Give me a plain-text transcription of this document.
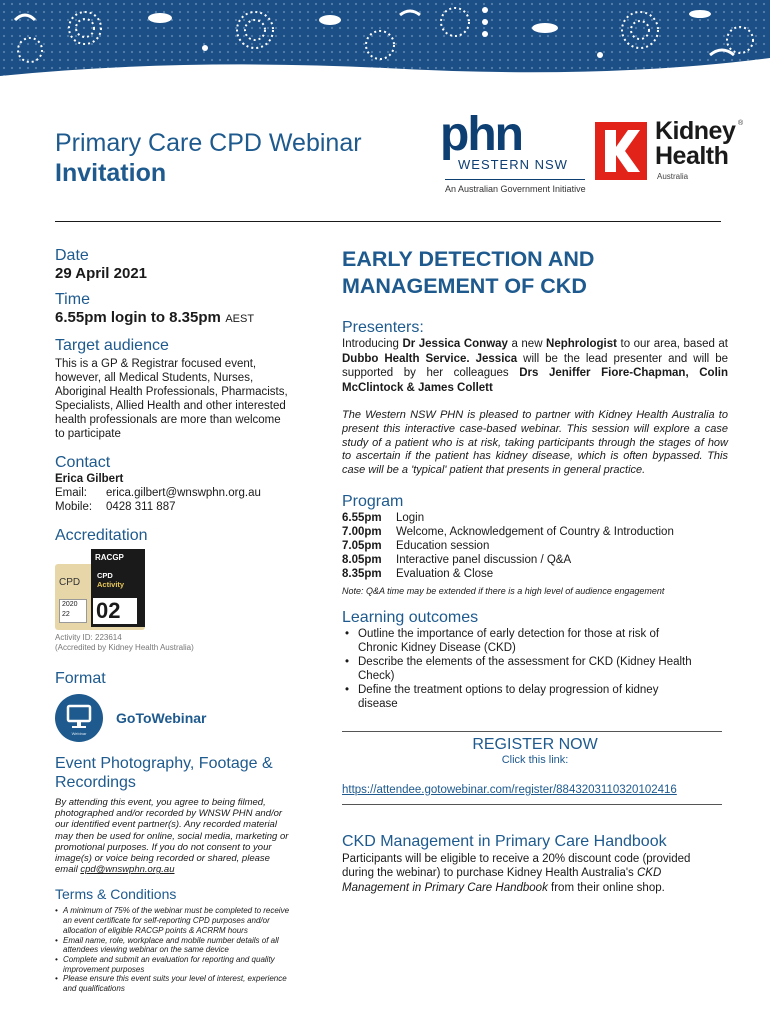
Primary Care CPD Webinar
Invitation
phn
WESTERN NSW
An Australian Government Initiative
Kidney
Health
Australia
®
Date
29 April 2021
Time
6.55pm login to 8.35pm AEST
Target audience
This is a GP & Registrar focused event, however, all Medical Students, Nurses, Aboriginal Health Professionals, Pharmacists, Specialists, Allied Health and other interested health professionals are more than welcome to participate
Contact
Erica Gilbert
Email: erica.gilbert@wnswphn.org.au
Mobile: 0428 311 887
Accreditation
RACGP
CPD
CPD
Activity
2020
22	02 points
Activity ID: 223614
(Accredited by Kidney Health Australia)
Format
Webinar
GoToWebinar
Event Photography, Footage & Recordings
By attending this event, you agree to being filmed, photographed and/or recorded by WNSW PHN and/or our identified event partner(s). Any recorded material may then be used for online, social media, marketing or promotional purposes. If you do not consent to your image(s) or voice being recorded or shared, please email cpd@wnswphn.org.au
Terms & Conditions
• A minimum of 75% of the webinar must be completed to receive an event certificate for self-reporting CPD purposes and/or allocation of eligible RACGP points & ACRRM hours
• Email name, role, workplace and mobile number details of all attendees viewing webinar on the same device
• Complete and submit an evaluation for reporting and quality improvement purposes
• Please ensure this event suits your level of interest, experience and qualifications
EARLY DETECTION AND MANAGEMENT OF CKD
Presenters:
Introducing Dr Jessica Conway a new Nephrologist to our area, based at Dubbo Health Service. Jessica will be the lead presenter and will be supported by her colleagues Drs Jeniffer Fiore-Chapman, Colin McClintock & James Collett
The Western NSW PHN is pleased to partner with Kidney Health Australia to present this interactive case-based webinar. This session will explore a case study of a patient who is at risk, taking participants through the stages of how to ascertain if the patient has kidney disease, which is often bypassed. This case will be a 'typical' patient that presents in general practice.
Program
6.55pm	Login
7.00pm	Welcome, Acknowledgement of Country & Introduction
7.05pm	Education session
8.05pm	Interactive panel discussion / Q&A
8.35pm	Evaluation & Close
Note: Q&A time may be extended if there is a high level of audience engagement
Learning outcomes
• Outline the importance of early detection for those at risk of Chronic Kidney Disease (CKD)
• Describe the elements of the assessment for CKD (Kidney Health Check)
• Define the treatment options to delay progression of kidney disease
REGISTER NOW
Click this link:
https://attendee.gotowebinar.com/register/8843203110320102416
CKD Management in Primary Care Handbook
Participants will be eligible to receive a 20% discount code (provided during the webinar) to purchase Kidney Health Australia's CKD Management in Primary Care Handbook from their online shop.
